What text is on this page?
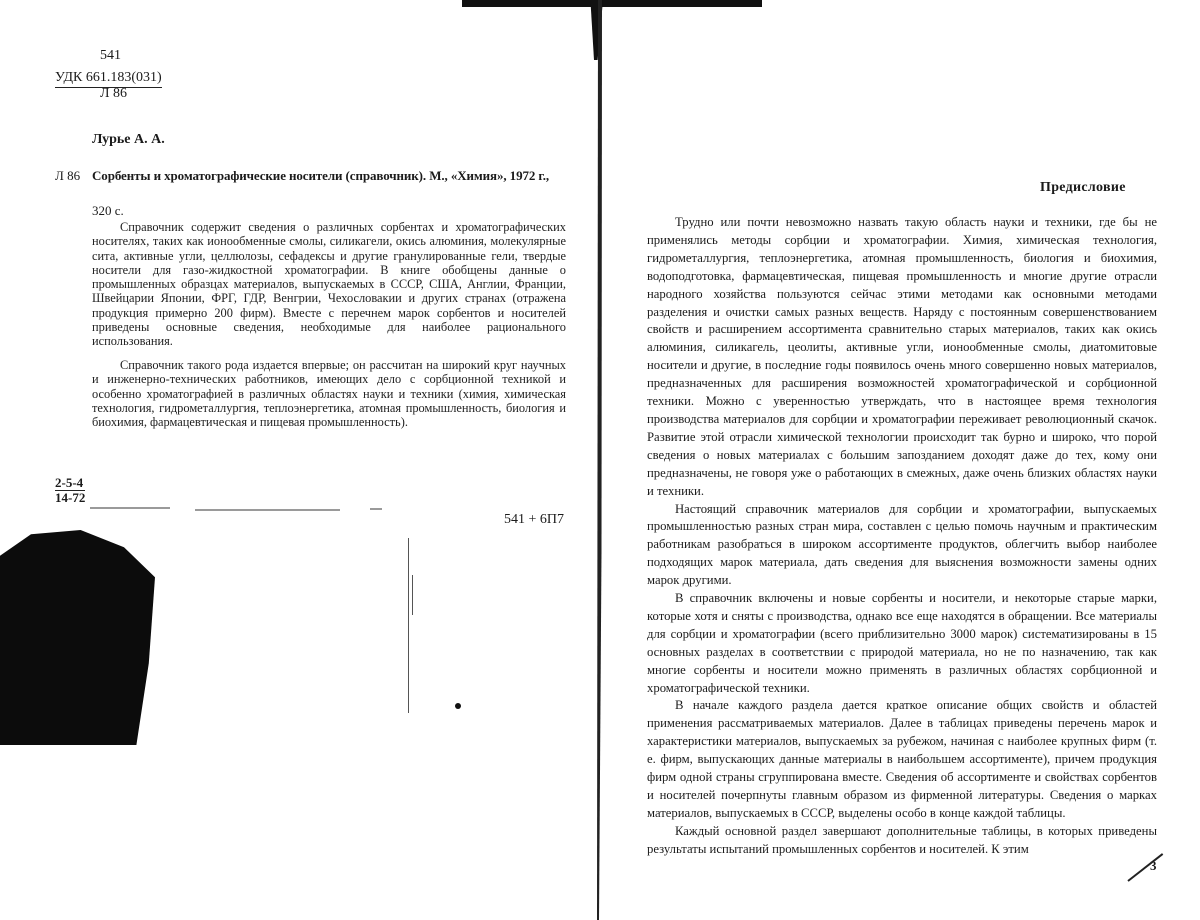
541
УДК 661.183(031)
Л 86
Лурье А. А.
Л 86 Сорбенты и хроматографические носители (справочник). М., «Химия», 1972 г.,
320 с.

Справочник содержит сведения о различных сорбентах и хроматографических носителях, таких как ионообменные смолы, силикагели, окись алюминия, молекулярные сита, активные угли, целлюлозы, сефадексы и другие гранулированные гели, твердые носители для газо-жидкостной хроматографии. В книге обобщены данные о промышленных образцах материалов, выпускаемых в СССР, США, Англии, Франции, Швейцарии Японии, ФРГ, ГДР, Венгрии, Чехословакии и других странах (отражена продукция примерно 200 фирм). Вместе с перечнем марок сорбентов и носителей приведены основные сведения, необходимые для наиболее рационального использования.

Справочник такого рода издается впервые; он рассчитан на широкий круг научных и инженерно-технических работников, имеющих дело с сорбционной техникой и особенно хроматографией в различных областях науки и техники (химия, химическая технология, гидрометаллургия, теплоэнергетика, атомная промышленность, биология и биохимия, фармацевтическая и пищевая промышленность).

2-5-4
14-72
541 + 6П7
Предисловие

Трудно или почти невозможно назвать такую область науки и техники, где бы не применялись методы сорбции и хроматографии. Химия, химическая технология, гидрометаллургия, теплоэнергетика, атомная промышленность, биология и биохимия, водоподготовка, фармацевтическая, пищевая промышленность и многие другие отрасли народного хозяйства пользуются сейчас этими методами как основными методами разделения и очистки самых разных веществ. Наряду с постоянным совершенствованием свойств и расширением ассортимента сравнительно старых материалов, таких как окись алюминия, силикагель, цеолиты, активные угли, ионообменные смолы, диатомитовые носители и другие, в последние годы появилось очень много совершенно новых материалов, предназначенных для расширения возможностей хроматографической и сорбционной техники. Можно с уверенностью утверждать, что в настоящее время технология производства материалов для сорбции и хроматографии переживает революционный скачок. Развитие этой отрасли химической технологии происходит так бурно и широко, что порой сведения о новых материалах с большим запозданием доходят даже до тех, кому они предназначены, не говоря уже о работающих в смежных, даже очень близких областях науки и техники.

Настоящий справочник материалов для сорбции и хроматографии, выпускаемых промышленностью разных стран мира, составлен с целью помочь научным и практическим работникам разобраться в широком ассортименте продуктов, облегчить выбор наиболее подходящих марок материала, дать сведения для выяснения возможности замены одних марок другими.

В справочник включены и новые сорбенты и носители, и некоторые старые марки, которые хотя и сняты с производства, однако все еще находятся в обращении. Все материалы для сорбции и хроматографии (всего приблизительно 3000 марок) систематизированы в 15 основных разделах в соответствии с природой материала, но не по назначению, так как многие сорбенты и носители можно применять в различных областях сорбционной и хроматографической техники.

В начале каждого раздела дается краткое описание общих свойств и областей применения рассматриваемых материалов. Далее в таблицах приведены перечень марок и характеристики материалов, выпускаемых за рубежом, начиная с наиболее крупных фирм (т. е. фирм, выпускающих данные материалы в наибольшем ассортименте), причем продукция фирм одной страны сгруппирована вместе. Сведения об ассортименте и свойствах сорбентов и носителей почерпнуты главным образом из фирменной литературы. Сведения о марках материалов, выпускаемых в СССР, выделены особо в конце каждой таблицы.

Каждый основной раздел завершают дополнительные таблицы, в которых приведены результаты испытаний промышленных сорбентов и носителей. К этим

3
